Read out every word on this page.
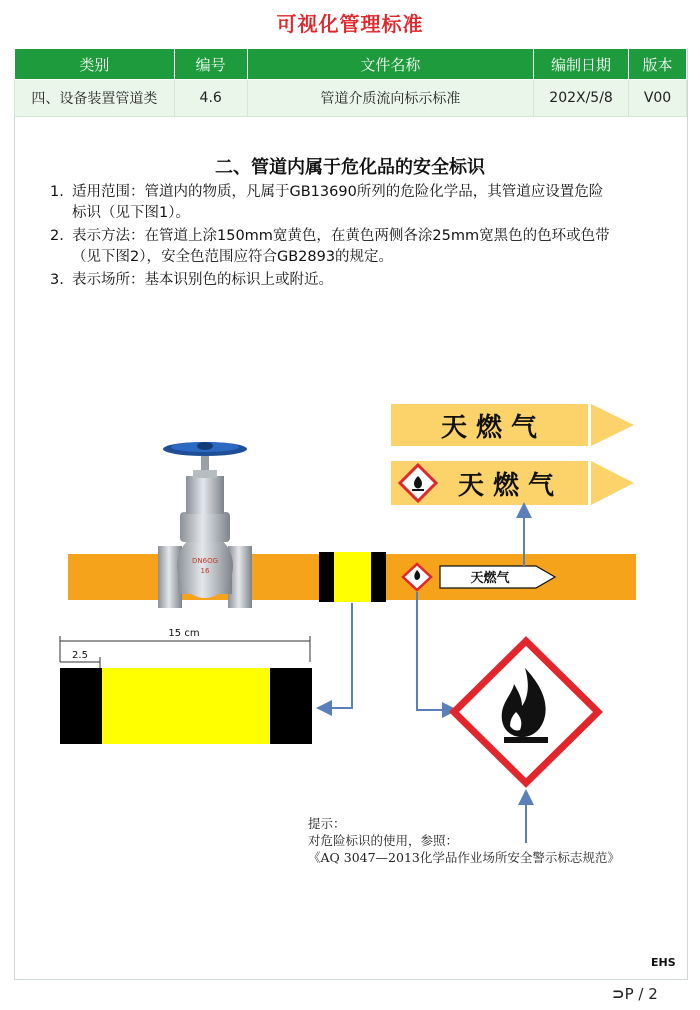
可视化管理标准
类别	编号	文件名称	编制日期	版本
四、设备装置管道类	4.6	管道介质流向标示标准	202X/5/8	V00
二、管道内属于危化品的安全标识
1. 适用范围：管道内的物质，凡属于GB13690所列的危险化学品，其管道应设置危险
标识（见下图1）。
2. 表示方法：在管道上涂150mm宽黄色，在黄色两侧各涂25mm宽黑色的色环或色带
（见下图2），安全色范围应符合GB2893的规定。
3. 表示场所：基本识别色的标识上或附近。
天 燃 气
天 燃 气
DN6OG
16	天燃气
15 cm
2.5
提示：
对危险标识的使用，参照：
《AQ 3047—2013化学品作业场所安全警示标志规范》
EHS
⊃P / 2
